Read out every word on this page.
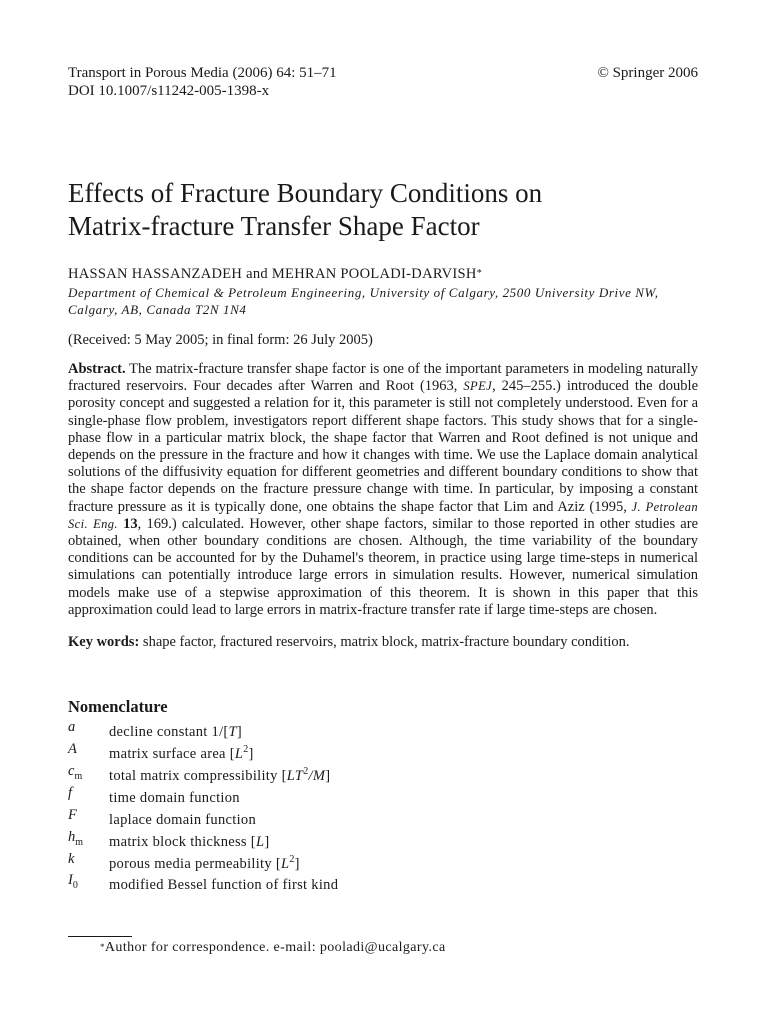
Transport in Porous Media (2006) 64: 51–71	© Springer 2006
DOI 10.1007/s11242-005-1398-x
Effects of Fracture Boundary Conditions on
Matrix-fracture Transfer Shape Factor
HASSAN HASSANZADEH and MEHRAN POOLADI-DARVISH*
Department of Chemical & Petroleum Engineering, University of Calgary, 2500 University Drive NW, Calgary, AB, Canada T2N 1N4
(Received: 5 May 2005; in final form: 26 July 2005)
Abstract. The matrix-fracture transfer shape factor is one of the important parameters in modeling naturally fractured reservoirs. Four decades after Warren and Root (1963, SPEJ, 245–255.) introduced the double porosity concept and suggested a relation for it, this parameter is still not completely understood. Even for a single-phase flow problem, investigators report different shape factors. This study shows that for a single-phase flow in a particular matrix block, the shape factor that Warren and Root defined is not unique and depends on the pressure in the fracture and how it changes with time. We use the Laplace domain analytical solutions of the diffusivity equation for different geometries and different boundary conditions to show that the shape factor depends on the fracture pressure change with time. In particular, by imposing a constant fracture pressure as it is typically done, one obtains the shape factor that Lim and Aziz (1995, J. Petrolean Sci. Eng. 13, 169.) calculated. However, other shape factors, similar to those reported in other studies are obtained, when other boundary conditions are chosen. Although, the time variability of the boundary conditions can be accounted for by the Duhamel's theorem, in practice using large time-steps in numerical simulations can potentially introduce large errors in simulation results. However, numerical simulation models make use of a stepwise approximation of this theorem. It is shown in this paper that this approximation could lead to large errors in matrix-fracture transfer rate if large time-steps are chosen.
Key words: shape factor, fractured reservoirs, matrix block, matrix-fracture boundary condition.
Nomenclature
a	decline constant 1/[T]
A	matrix surface area $[L^2]$
$c_m$	total matrix compressibility $[LT^2/M]$
f	time domain function
F	laplace domain function
$h_m$	matrix block thickness [L]
k	porous media permeability $[L^2]$
$I_0$	modified Bessel function of first kind
*Author for correspondence. e-mail: pooladi@ucalgary.ca
